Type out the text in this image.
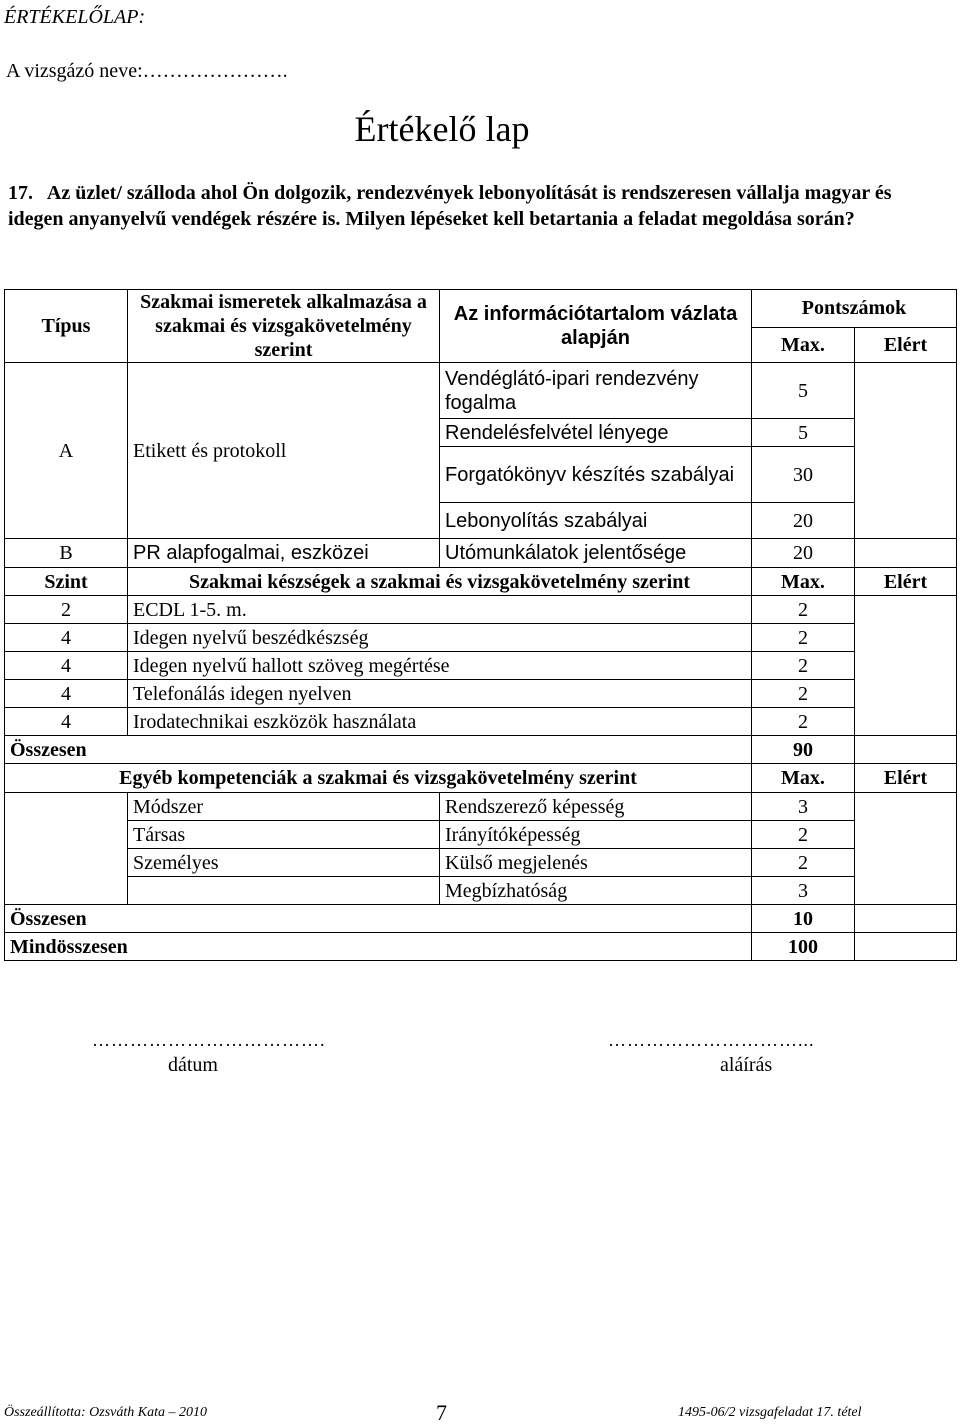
ÉRTÉKELŐLAP:
A vizsgázó neve:………………….
Értékelő lap
17. Az üzlet/ szálloda ahol Ön dolgozik, rendezvények lebonyolítását is rendszeresen vállalja magyar és idegen anyanyelvű vendégek részére is. Milyen lépéseket kell betartania a feladat megoldása során?
Típus	Szakmai ismeretek alkalmazása a szakmai és vizsgakövetelmény szerint	Az információtartalom vázlata alapján	Pontszámok	
			Max.	Elért
A	Etikett és protokoll	Vendéglátó-ipari rendezvény fogalma	5	
		Rendelésfelvétel lényege	5	
		Forgatókönyv készítés szabályai	30	
		Lebonyolítás szabályai	20	
B	PR alapfogalmai, eszközei	Utómunkálatok jelentősége	20	
Szint	Szakmai készségek a szakmai és vizsgakövetelmény szerint		Max.	Elért
2	ECDL 1-5. m.		2	
4	Idegen nyelvű beszédkészség		2	
4	Idegen nyelvű hallott szöveg megértése		2	
4	Telefonálás idegen nyelven		2	
4	Irodatechnikai eszközök használata		2	
Összesen			90	
Egyéb kompetenciák a szakmai és vizsgakövetelmény szerint			Max.	Elért
	Módszer	Rendszerező képesség	3	
	Társas	Irányítóképesség	2	
	Személyes	Külső megjelenés	2	
		Megbízhatóság	3	
Összesen			10	
Mindösszesen			100	
……………………………….
dátum
…………………………...
aláírás
Összeállította: Ozsváth Kata – 2010	7	1495-06/2 vizsgafeladat 17. tétel
